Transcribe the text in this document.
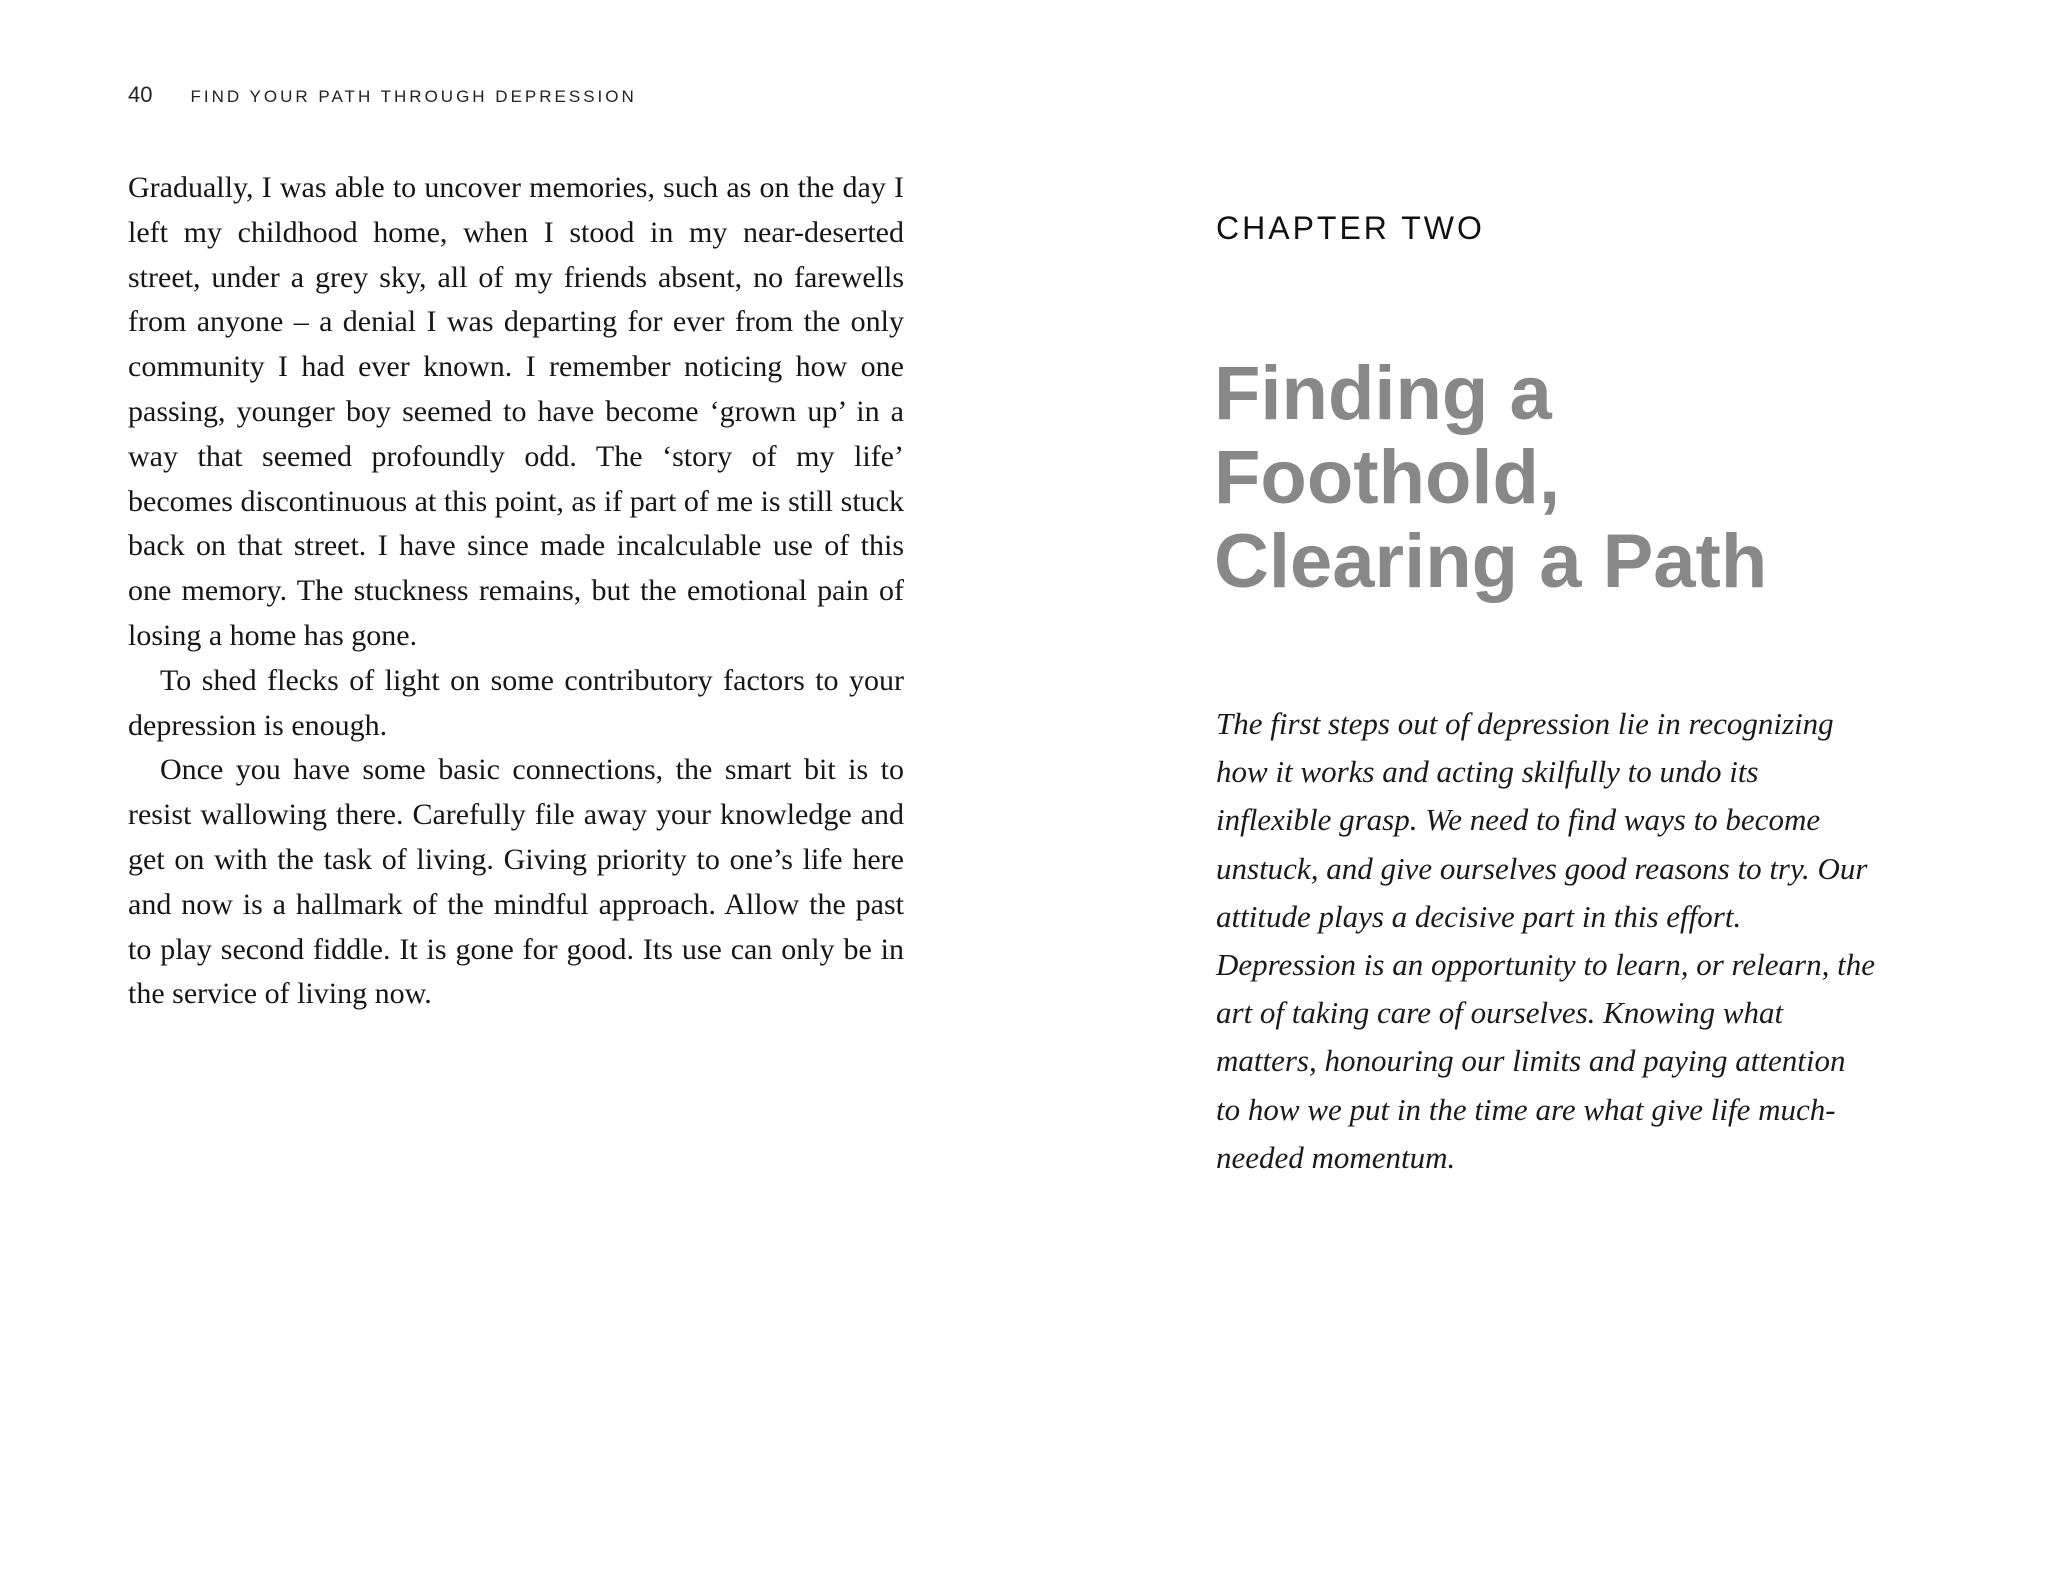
40 FIND YOUR PATH THROUGH DEPRESSION

Gradually, I was able to uncover memories, such as on the day I left my childhood home, when I stood in my near-deserted street, under a grey sky, all of my friends absent, no farewells from anyone – a denial I was departing for ever from the only community I had ever known. I remember noticing how one passing, younger boy seemed to have become ‘grown up’ in a way that seemed profoundly odd. The ‘story of my life’ becomes discontinuous at this point, as if part of me is still stuck back on that street. I have since made incalculable use of this one memory. The stuckness remains, but the emotional pain of losing a home has gone.

To shed flecks of light on some contributory factors to your depression is enough.

Once you have some basic connections, the smart bit is to resist wallowing there. Carefully file away your knowledge and get on with the task of living. Giving priority to one’s life here and now is a hallmark of the mindful approach. Allow the past to play second fiddle. It is gone for good. Its use can only be in the service of living now.

CHAPTER TWO
Finding a
Foothold,
Clearing a Path
The first steps out of depression lie in recognizing
how it works and acting skilfully to undo its
inflexible grasp. We need to find ways to become
unstuck, and give ourselves good reasons to try. Our
attitude plays a decisive part in this effort.
Depression is an opportunity to learn, or relearn, the
art of taking care of ourselves. Knowing what
matters, honouring our limits and paying attention
to how we put in the time are what give life much-
needed momentum.
